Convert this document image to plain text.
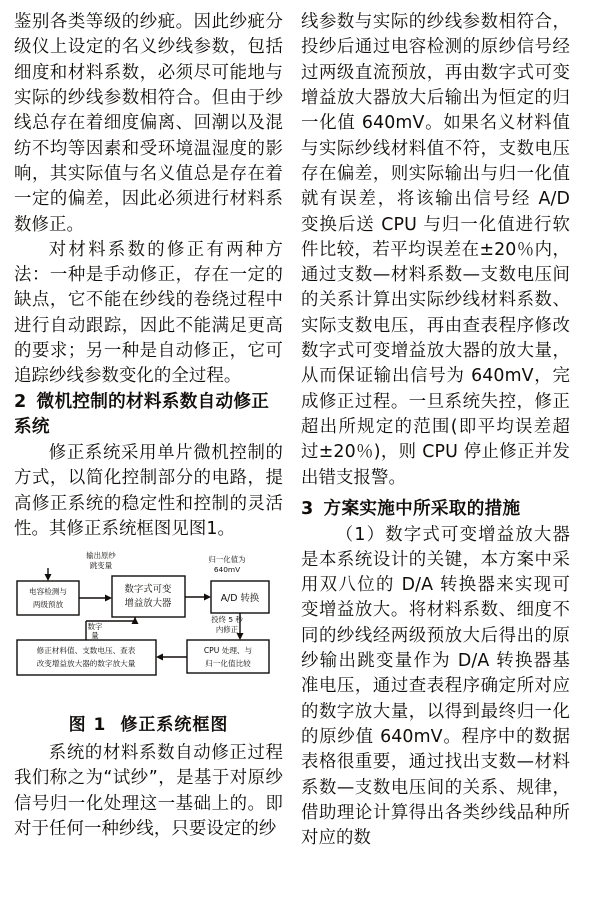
鉴别各类等级的纱疵。因此纱疵分级仪上设定的名义纱线参数，包括细度和材料系数，必须尽可能地与实际的纱线参数相符合。但由于纱线总存在着细度偏离、回潮以及混纺不均等因素和受环境温湿度的影响，其实际值与名义值总是存在着一定的偏差，因此必须进行材料系数修正。

对材料系数的修正有两种方法：一种是手动修正，存在一定的缺点，它不能在纱线的卷绕过程中进行自动跟踪，因此不能满足更高的要求；另一种是自动修正，它可追踪纱线参数变化的全过程。

2 微机控制的材料系数自动修正系统

修正系统采用单片微机控制的方式，以简化控制部分的电路，提高修正系统的稳定性和控制的灵活性。其修正系统框图见图1。

电容检测与
两级预放
数字式可变
增益放大器	A/D 转换
CPU 处理、与
归一化值比较
修正材料值、支数电压、查表
改变增益放大器的数字放大量
输出原纱
跳变量
数字
量
归一化值为
640mV
投终 5 秒
内修正
图 1 修正系统框图

系统的材料系数自动修正过程我们称之为“试纱”，是基于对原纱信号归一化处理这一基础上的。即对于任何一种纱线，只要设定的纱

线参数与实际的纱线参数相符合，投纱后通过电容检测的原纱信号经过两级直流预放，再由数字式可变增益放大器放大后输出为恒定的归一化值 640mV。如果名义材料值与实际纱线材料值不符，支数电压存在偏差，则实际输出与归一化值就有误差，将该输出信号经 A/D 变换后送 CPU 与归一化值进行软件比较，若平均误差在±20％内，通过支数—材料系数—支数电压间的关系计算出实际纱线材料系数、实际支数电压，再由查表程序修改数字式可变增益放大器的放大量，从而保证输出信号为 640mV，完成修正过程。一旦系统失控，修正超出所规定的范围(即平均误差超过±20％)，则 CPU 停止修正并发出错支报警。

3 方案实施中所采取的措施

（1）数字式可变增益放大器是本系统设计的关键，本方案中采用双八位的 D/A 转换器来实现可变增益放大。将材料系数、细度不同的纱线经两级预放大后得出的原纱输出跳变量作为 D/A 转换器基准电压，通过查表程序确定所对应的数字放大量，以得到最终归一化的原纱值 640mV。程序中的数据表格很重要，通过找出支数—材料系数—支数电压间的关系、规律，借助理论计算得出各类纱线品种所对应的数
